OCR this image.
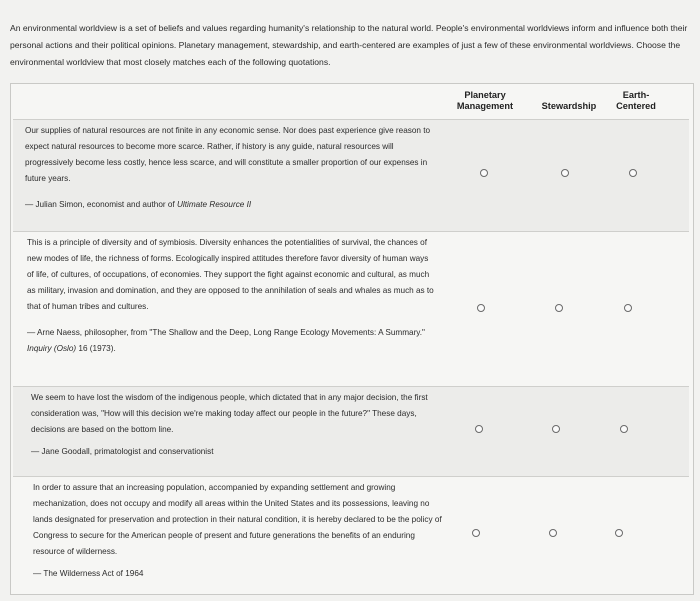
An environmental worldview is a set of beliefs and values regarding humanity's relationship to the natural world. People's environmental worldviews inform and influence both their personal actions and their political opinions. Planetary management, stewardship, and earth-centered are examples of just a few of these environmental worldviews. Choose the environmental worldview that most closely matches each of the following quotations.
Planetary Management	Stewardship
Earth-Centered

Our supplies of natural resources are not finite in any economic sense. Nor does past experience give reason to expect natural resources to become more scarce. Rather, if history is any guide, natural resources will progressively become less costly, hence less scarce, and will constitute a smaller proportion of our expenses in future years.

— Julian Simon, economist and author of Ultimate Resource II

This is a principle of diversity and of symbiosis. Diversity enhances the potentialities of survival, the chances of new modes of life, the richness of forms. Ecologically inspired attitudes therefore favor diversity of human ways of life, of cultures, of occupations, of economies. They support the fight against economic and cultural, as much as military, invasion and domination, and they are opposed to the annihilation of seals and whales as much as to that of human tribes and cultures.

— Arne Naess, philosopher, from "The Shallow and the Deep, Long Range Ecology Movements: A Summary." Inquiry (Oslo) 16 (1973).

We seem to have lost the wisdom of the indigenous people, which dictated that in any major decision, the first consideration was, "How will this decision we're making today affect our people in the future?" These days, decisions are based on the bottom line.

— Jane Goodall, primatologist and conservationist

In order to assure that an increasing population, accompanied by expanding settlement and growing mechanization, does not occupy and modify all areas within the United States and its possessions, leaving no lands designated for preservation and protection in their natural condition, it is hereby declared to be the policy of Congress to secure for the American people of present and future generations the benefits of an enduring resource of wilderness.

— The Wilderness Act of 1964
